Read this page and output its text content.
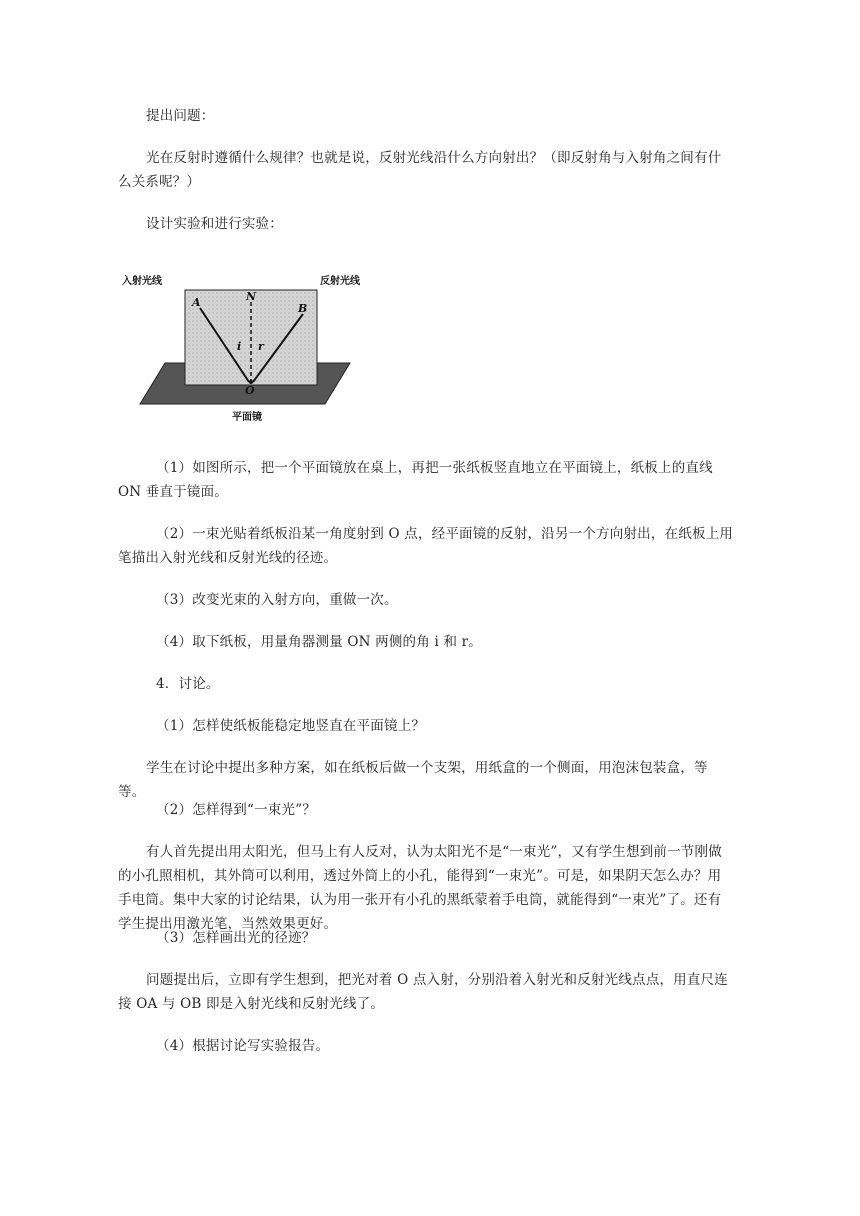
提出问题：

光在反射时遵循什么规律？也就是说，反射光线沿什么方向射出？（即反射角与入射角之间有什么关系呢？）

设计实验和进行实验：

入射光线	反射光线
平面镜
A	B
N
O
i r

（1）如图所示，把一个平面镜放在桌上，再把一张纸板竖直地立在平面镜上，纸板上的直线 ON 垂直于镜面。

（2）一束光贴着纸板沿某一角度射到 O 点，经平面镜的反射，沿另一个方向射出，在纸板上用笔描出入射光线和反射光线的径迹。

（3）改变光束的入射方向，重做一次。

（4）取下纸板，用量角器测量 ON 两侧的角 i 和 r。

4．讨论。

（1）怎样使纸板能稳定地竖直在平面镜上？

学生在讨论中提出多种方案，如在纸板后做一个支架，用纸盒的一个侧面，用泡沫包装盒，等等。

（2）怎样得到“一束光”？

有人首先提出用太阳光，但马上有人反对，认为太阳光不是“一束光”，又有学生想到前一节刚做的小孔照相机，其外筒可以利用，透过外筒上的小孔，能得到“一束光”。可是，如果阴天怎么办？用手电筒。集中大家的讨论结果，认为用一张开有小孔的黑纸蒙着手电筒，就能得到“一束光”了。还有学生提出用激光笔，当然效果更好。

（3）怎样画出光的径迹？

问题提出后，立即有学生想到，把光对着 O 点入射，分别沿着入射光和反射光线点点，用直尺连接 OA 与 OB 即是入射光线和反射光线了。

（4）根据讨论写实验报告。
